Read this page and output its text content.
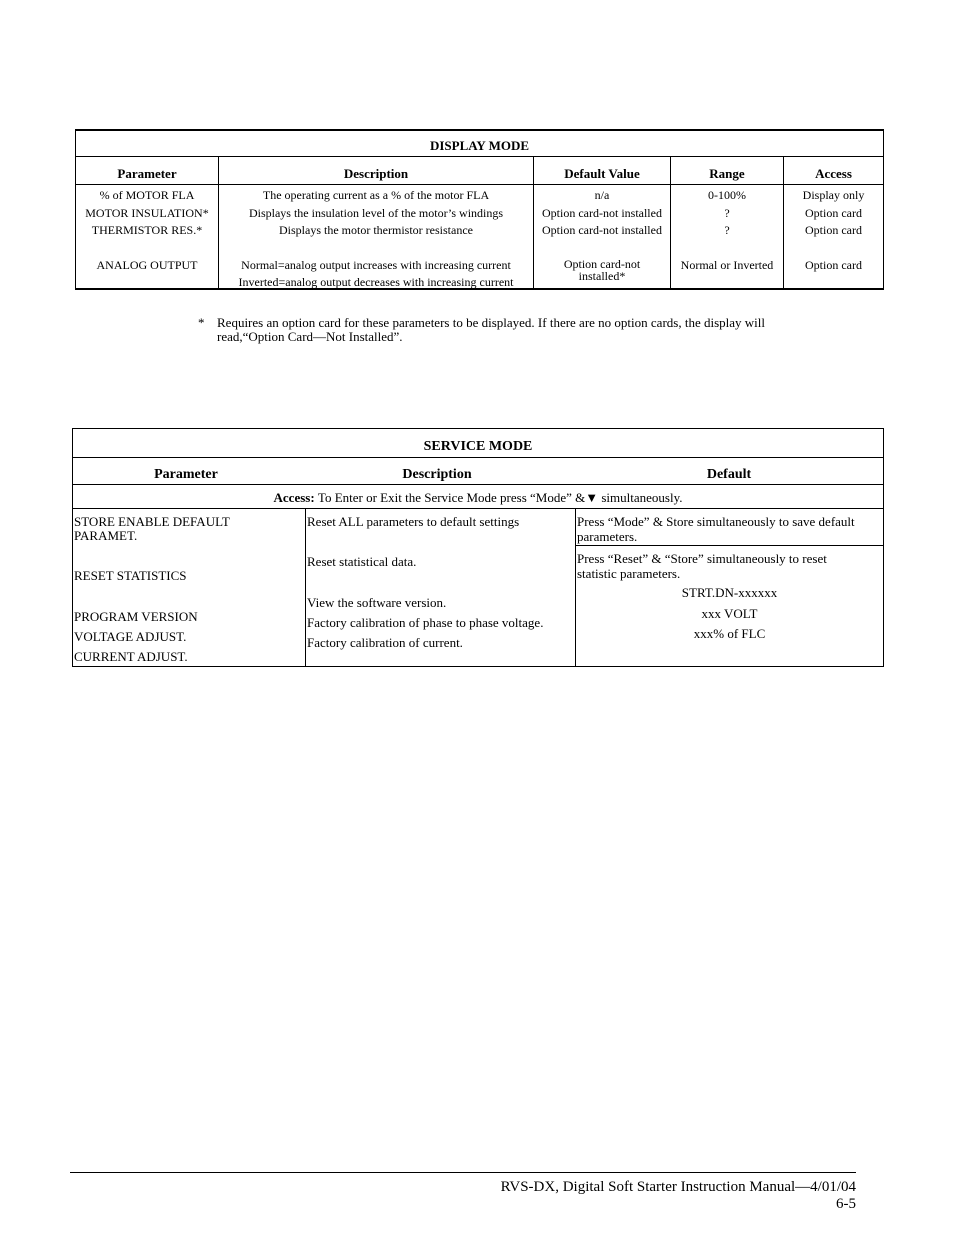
DISPLAY MODE
Parameter
% of MOTOR FLA
MOTOR INSULATION*
THERMISTOR RES.*
ANALOG OUTPUT
Description
The operating current as a % of the motor FLA
Displays the insulation level of the motor’s windings
Displays the motor thermistor resistance
Normal=analog output increases with increasing current
Inverted=analog output decreases with increasing current
Default Value
n/a
Option card-not installed
Option card-not installed
Option card-not
installed*
Range
0-100%
?
?
Normal or Inverted
Access
Display only
Option card
Option card
Option card
* Requires an option card for these parameters to be displayed. If there are no option cards, the display will
read,“Option Card—Not Installed”.
SERVICE MODE
Parameter	Description	Default
Access:
To Enter or Exit the Service Mode press “Mode” &▼ simultaneously.
STORE ENABLE DEFAULT
PARAMET.
RESET STATISTICS
PROGRAM VERSION
VOLTAGE ADJUST.
CURRENT ADJUST.
Reset ALL parameters to default settings
Reset statistical data.
View the software version.
Factory calibration of phase to phase voltage.
Factory calibration of current.
Press “Mode” & Store simultaneously to save default
parameters.
Press “Reset” & “Store” simultaneously to reset
statistic parameters.
STRT.DN-xxxxxx
xxx VOLT
xxx% of FLC
RVS-DX, Digital Soft Starter Instruction Manual—4/01/04
6-5
